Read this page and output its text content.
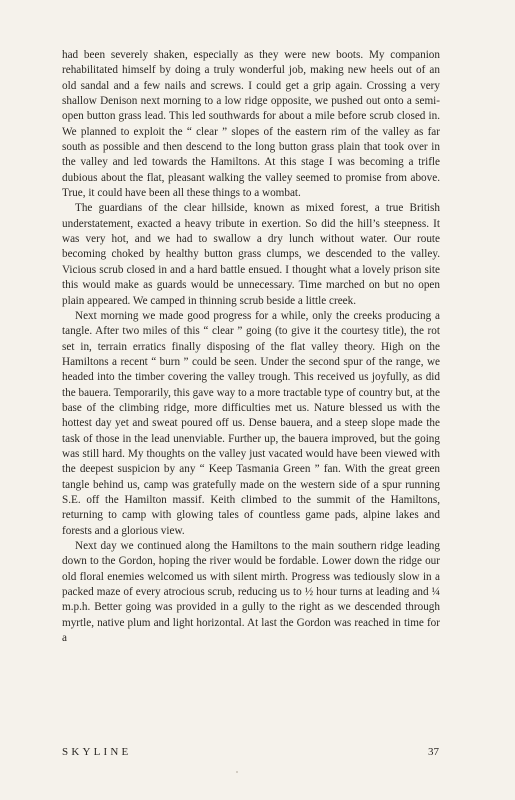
had been severely shaken, especially as they were new boots. My companion rehabilitated himself by doing a truly wonderful job, making new heels out of an old sandal and a few nails and screws. I could get a grip again. Crossing a very shallow Denison next morning to a low ridge opposite, we pushed out onto a semi-open button grass lead. This led southwards for about a mile before scrub closed in. We planned to exploit the “ clear ” slopes of the eastern rim of the valley as far south as possible and then descend to the long button grass plain that took over in the valley and led towards the Hamiltons. At this stage I was becoming a trifle dubious about the flat, pleasant walking the valley seemed to promise from above. True, it could have been all these things to a wombat.

The guardians of the clear hillside, known as mixed forest, a true British understatement, exacted a heavy tribute in exertion. So did the hill’s steepness. It was very hot, and we had to swallow a dry lunch without water. Our route becoming choked by healthy button grass clumps, we descended to the valley. Vicious scrub closed in and a hard battle ensued. I thought what a lovely prison site this would make as guards would be unnecessary. Time marched on but no open plain appeared. We camped in thinning scrub beside a little creek.

Next morning we made good progress for a while, only the creeks producing a tangle. After two miles of this “ clear ” going (to give it the courtesy title), the rot set in, terrain erratics finally disposing of the flat valley theory. High on the Hamiltons a recent “ burn ” could be seen. Under the second spur of the range, we headed into the timber covering the valley trough. This received us joyfully, as did the bauera. Temporarily, this gave way to a more tractable type of country but, at the base of the climbing ridge, more difficulties met us. Nature blessed us with the hottest day yet and sweat poured off us. Dense bauera, and a steep slope made the task of those in the lead unenviable. Further up, the bauera improved, but the going was still hard. My thoughts on the valley just vacated would have been viewed with the deepest suspicion by any “ Keep Tasmania Green ” fan. With the great green tangle behind us, camp was gratefully made on the western side of a spur running S.E. off the Hamilton massif. Keith climbed to the summit of the Hamiltons, returning to camp with glowing tales of countless game pads, alpine lakes and forests and a glorious view.

Next day we continued along the Hamiltons to the main southern ridge leading down to the Gordon, hoping the river would be fordable. Lower down the ridge our old floral enemies welcomed us with silent mirth. Progress was tediously slow in a packed maze of every atrocious scrub, reducing us to ½ hour turns at leading and ¼ m.p.h. Better going was provided in a gully to the right as we descended through myrtle, native plum and light horizontal. At last the Gordon was reached in time for a

SKYLINE	37
